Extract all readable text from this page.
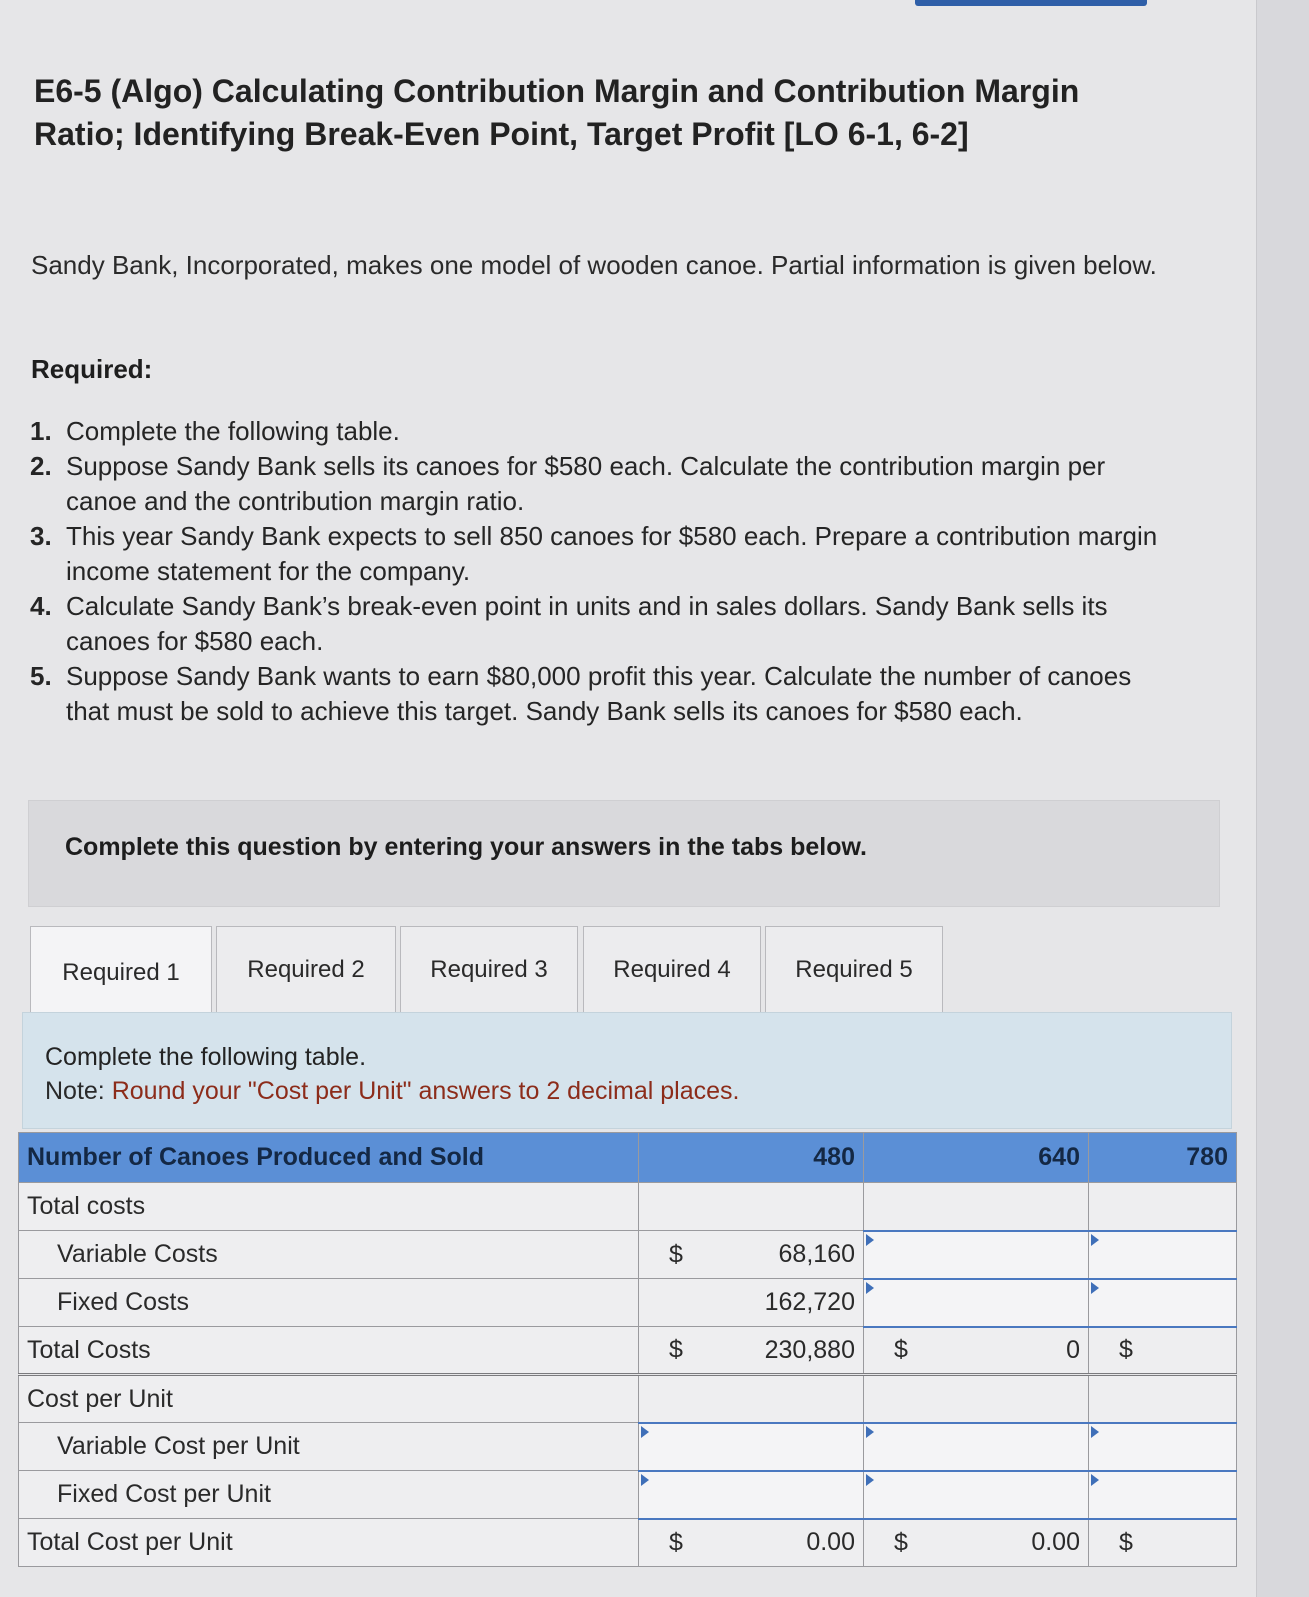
E6-5 (Algo) Calculating Contribution Margin and Contribution Margin Ratio; Identifying Break-Even Point, Target Profit [LO 6-1, 6-2]

Sandy Bank, Incorporated, makes one model of wooden canoe. Partial information is given below.

Required:

1. Complete the following table.
2. Suppose Sandy Bank sells its canoes for $580 each. Calculate the contribution margin per canoe and the contribution margin ratio.
3. This year Sandy Bank expects to sell 850 canoes for $580 each. Prepare a contribution margin income statement for the company.
4. Calculate Sandy Bank’s break-even point in units and in sales dollars. Sandy Bank sells its canoes for $580 each.
5. Suppose Sandy Bank wants to earn $80,000 profit this year. Calculate the number of canoes that must be sold to achieve this target. Sandy Bank sells its canoes for $580 each.
Complete this question by entering your answers in the tabs below.
Required 1	Required 2	Required 3	Required 4	Required 5
Complete the following table.
Note: Round your "Cost per Unit" answers to 2 decimal places.
Number of Canoes Produced and Sold	480	640	780
Total costs			
Variable Costs	$ 68,160		
Fixed Costs	162,720		
Total Costs	$ 230,880	$ 0	$

Cost per Unit			
Variable Cost per Unit			
Fixed Cost per Unit			
Total Cost per Unit	$ 0.00	$ 0.00	$
